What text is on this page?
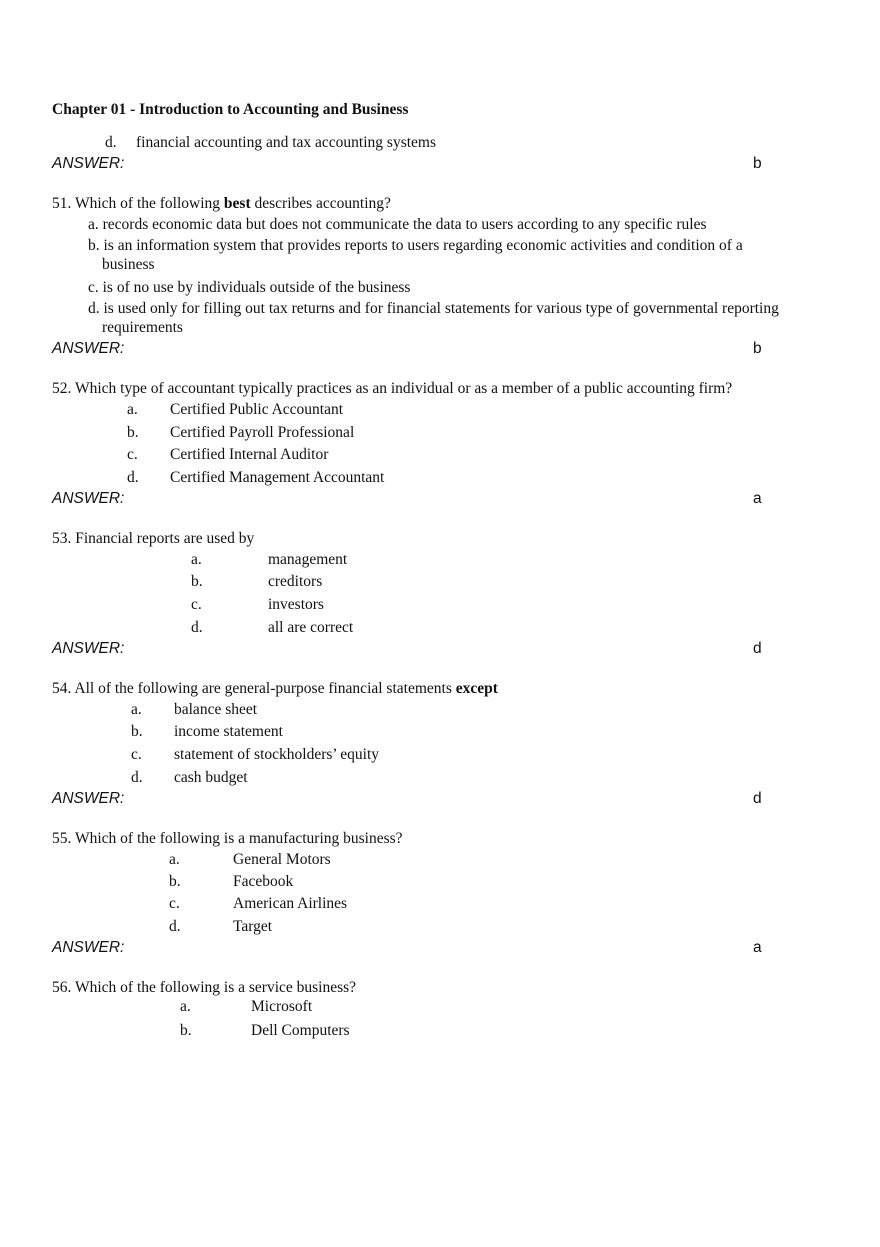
Chapter 01 - Introduction to Accounting and Business
d. financial accounting and tax accounting systems
ANSWER:	b
51. Which of the following best describes accounting?
a. records economic data but does not communicate the data to users according to any specific rules
b. is an information system that provides reports to users regarding economic activities and condition of a
business
c. is of no use by individuals outside of the business
d. is used only for filling out tax returns and for financial statements for various type of governmental reporting
requirements
ANSWER:	b
52. Which type of accountant typically practices as an individual or as a member of a public accounting firm?
a. Certified Public Accountant
b. Certified Payroll Professional
c. Certified Internal Auditor
d. Certified Management Accountant
ANSWER:	a
53. Financial reports are used by
a.	management
b.	creditors
c.	investors
d.	all are correct
ANSWER:	d
54. All of the following are general-purpose financial statements except
a. balance sheet
b. income statement
c. statement of stockholders’ equity
d. cash budget
ANSWER:	d
55. Which of the following is a manufacturing business?
a.	General Motors
b.	Facebook
c.	American Airlines
d.	Target
ANSWER:	a
56. Which of the following is a service business?
a.	Microsoft
b.	Dell Computers
